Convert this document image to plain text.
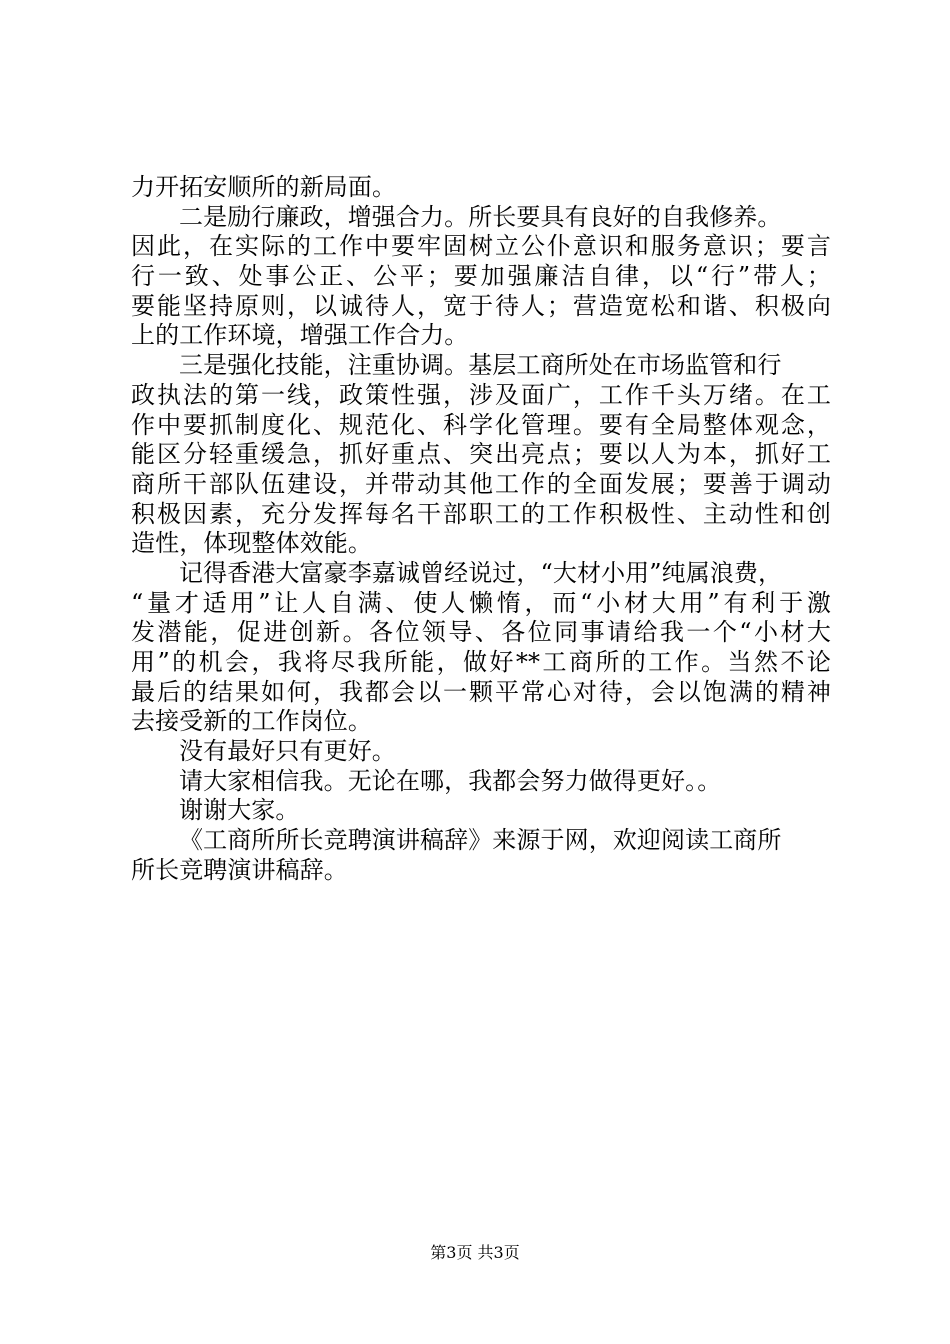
力开拓安顺所的新局面。
二是励行廉政，增强合力。所长要具有良好的自我修养。
因此，在实际的工作中要牢固树立公仆意识和服务意识；要言
行一致、处事公正、公平；要加强廉洁自律，以“行”带人；
要能坚持原则，以诚待人，宽于待人；营造宽松和谐、积极向
上的工作环境，增强工作合力。
三是强化技能，注重协调。基层工商所处在市场监管和行
政执法的第一线，政策性强，涉及面广，工作千头万绪。在工
作中要抓制度化、规范化、科学化管理。要有全局整体观念，
能区分轻重缓急，抓好重点、突出亮点；要以人为本，抓好工
商所干部队伍建设，并带动其他工作的全面发展；要善于调动
积极因素，充分发挥每名干部职工的工作积极性、主动性和创
造性，体现整体效能。
记得香港大富豪李嘉诚曾经说过，“大材小用”纯属浪费，
“量才适用”让人自满、使人懒惰，而“小材大用”有利于激
发潜能，促进创新。各位领导、各位同事请给我一个“小材大
用”的机会，我将尽我所能，做好**工商所的工作。当然不论
最后的结果如何，我都会以一颗平常心对待，会以饱满的精神
去接受新的工作岗位。
没有最好只有更好。
请大家相信我。无论在哪，我都会努力做得更好。。
谢谢大家。
《工商所所长竞聘演讲稿辞》来源于网，欢迎阅读工商所
所长竞聘演讲稿辞。
第3页 共3页
